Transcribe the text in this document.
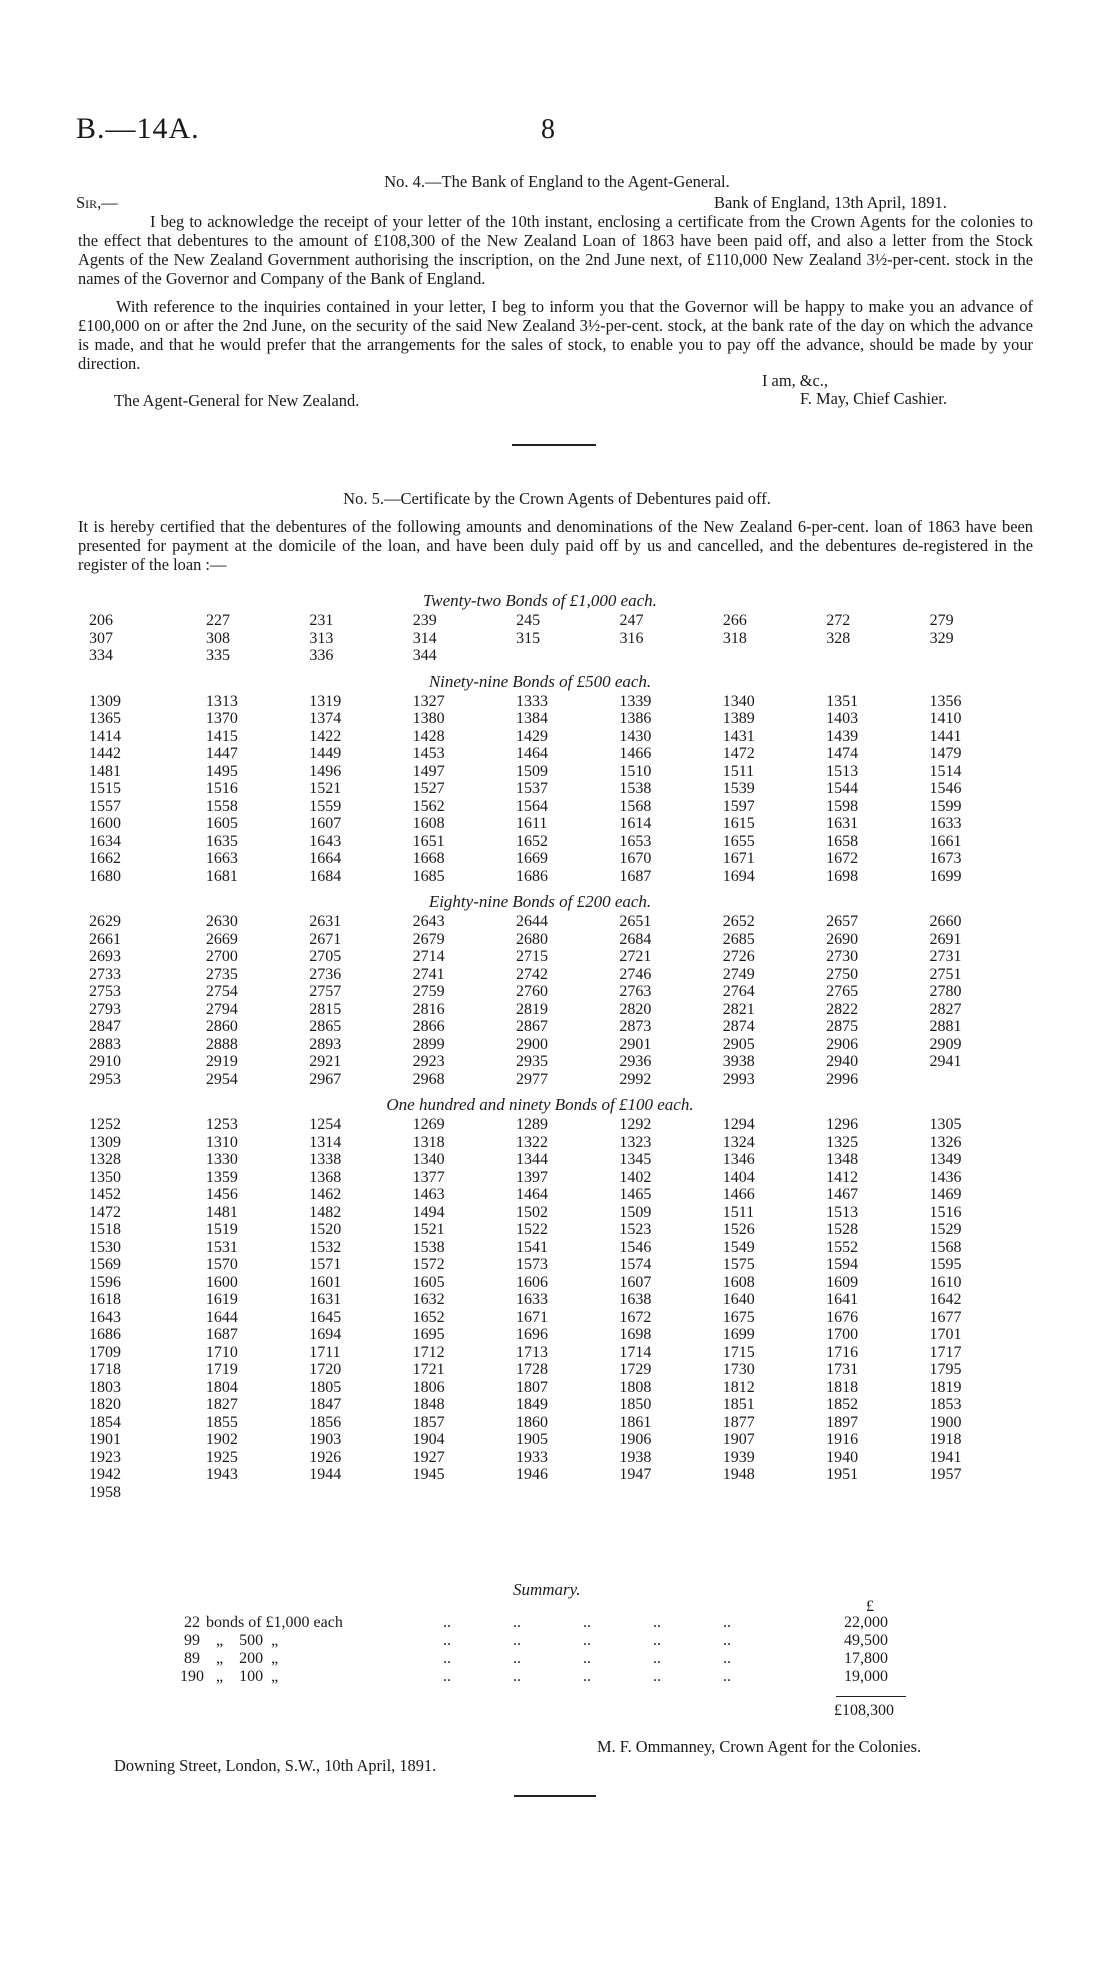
B.—14A.	8
No. 4.—The Bank of England to the Agent-General.
Sir,—	Bank of England, 13th April, 1891.
I beg to acknowledge the receipt of your letter of the 10th instant, enclosing a certificate from the Crown Agents for the colonies to the effect that debentures to the amount of £108,300 of the New Zealand Loan of 1863 have been paid off, and also a letter from the Stock Agents of the New Zealand Government authorising the inscription, on the 2nd June next, of £110,000 New Zealand 3½-per-cent. stock in the names of the Governor and Company of the Bank of England.
With reference to the inquiries contained in your letter, I beg to inform you that the Governor will be happy to make you an advance of £100,000 on or after the 2nd June, on the security of the said New Zealand 3½-per-cent. stock, at the bank rate of the day on which the advance is made, and that he would prefer that the arrangements for the sales of stock, to enable you to pay off the advance, should be made by your direction.
I am, &c.,
The Agent-General for New Zealand.	F. May, Chief Cashier.
No. 5.—Certificate by the Crown Agents of Debentures paid off.
It is hereby certified that the debentures of the following amounts and denominations of the New Zealand 6-per-cent. loan of 1863 have been presented for payment at the domicile of the loan, and have been duly paid off by us and cancelled, and the debentures de-registered in the register of the loan :—
Twenty-two Bonds of £1,000 each.
206	227	231	239	245	247	266	272	279
307	308	313	314	315	316	318	328	329
334	335	336	344					
Ninety-nine Bonds of £500 each.
1309	1313	1319	1327	1333	1339	1340	1351	1356
1365	1370	1374	1380	1384	1386	1389	1403	1410
1414	1415	1422	1428	1429	1430	1431	1439	1441
1442	1447	1449	1453	1464	1466	1472	1474	1479
1481	1495	1496	1497	1509	1510	1511	1513	1514
1515	1516	1521	1527	1537	1538	1539	1544	1546
1557	1558	1559	1562	1564	1568	1597	1598	1599
1600	1605	1607	1608	1611	1614	1615	1631	1633
1634	1635	1643	1651	1652	1653	1655	1658	1661
1662	1663	1664	1668	1669	1670	1671	1672	1673
1680	1681	1684	1685	1686	1687	1694	1698	1699
Eighty-nine Bonds of £200 each.
2629	2630	2631	2643	2644	2651	2652	2657	2660
2661	2669	2671	2679	2680	2684	2685	2690	2691
2693	2700	2705	2714	2715	2721	2726	2730	2731
2733	2735	2736	2741	2742	2746	2749	2750	2751
2753	2754	2757	2759	2760	2763	2764	2765	2780
2793	2794	2815	2816	2819	2820	2821	2822	2827
2847	2860	2865	2866	2867	2873	2874	2875	2881
2883	2888	2893	2899	2900	2901	2905	2906	2909
2910	2919	2921	2923	2935	2936	3938	2940	2941
2953	2954	2967	2968	2977	2992	2993	2996	
One hundred and ninety Bonds of £100 each.
1252	1253	1254	1269	1289	1292	1294	1296	1305
1309	1310	1314	1318	1322	1323	1324	1325	1326
1328	1330	1338	1340	1344	1345	1346	1348	1349
1350	1359	1368	1377	1397	1402	1404	1412	1436
1452	1456	1462	1463	1464	1465	1466	1467	1469
1472	1481	1482	1494	1502	1509	1511	1513	1516
1518	1519	1520	1521	1522	1523	1526	1528	1529
1530	1531	1532	1538	1541	1546	1549	1552	1568
1569	1570	1571	1572	1573	1574	1575	1594	1595
1596	1600	1601	1605	1606	1607	1608	1609	1610
1618	1619	1631	1632	1633	1638	1640	1641	1642
1643	1644	1645	1652	1671	1672	1675	1676	1677
1686	1687	1694	1695	1696	1698	1699	1700	1701
1709	1710	1711	1712	1713	1714	1715	1716	1717
1718	1719	1720	1721	1728	1729	1730	1731	1795
1803	1804	1805	1806	1807	1808	1812	1818	1819
1820	1827	1847	1848	1849	1850	1851	1852	1853
1854	1855	1856	1857	1860	1861	1877	1897	1900
1901	1902	1903	1904	1905	1906	1907	1916	1918
1923	1925	1926	1927	1933	1938	1939	1940	1941
1942	1943	1944	1945	1946	1947	1948	1951	1957
1958								
Summary.
£
22 bonds of £1,000 each	..	..	..	..	..	22,000
99 „    500  „	..	..	..	..	..	49,500
89 „    200  „	..	..	..	..	..	17,800
190 „    100  „	..	..	..	..	..	19,000
£108,300
M. F. Ommanney, Crown Agent for the Colonies.
Downing Street, London, S.W., 10th April, 1891.
